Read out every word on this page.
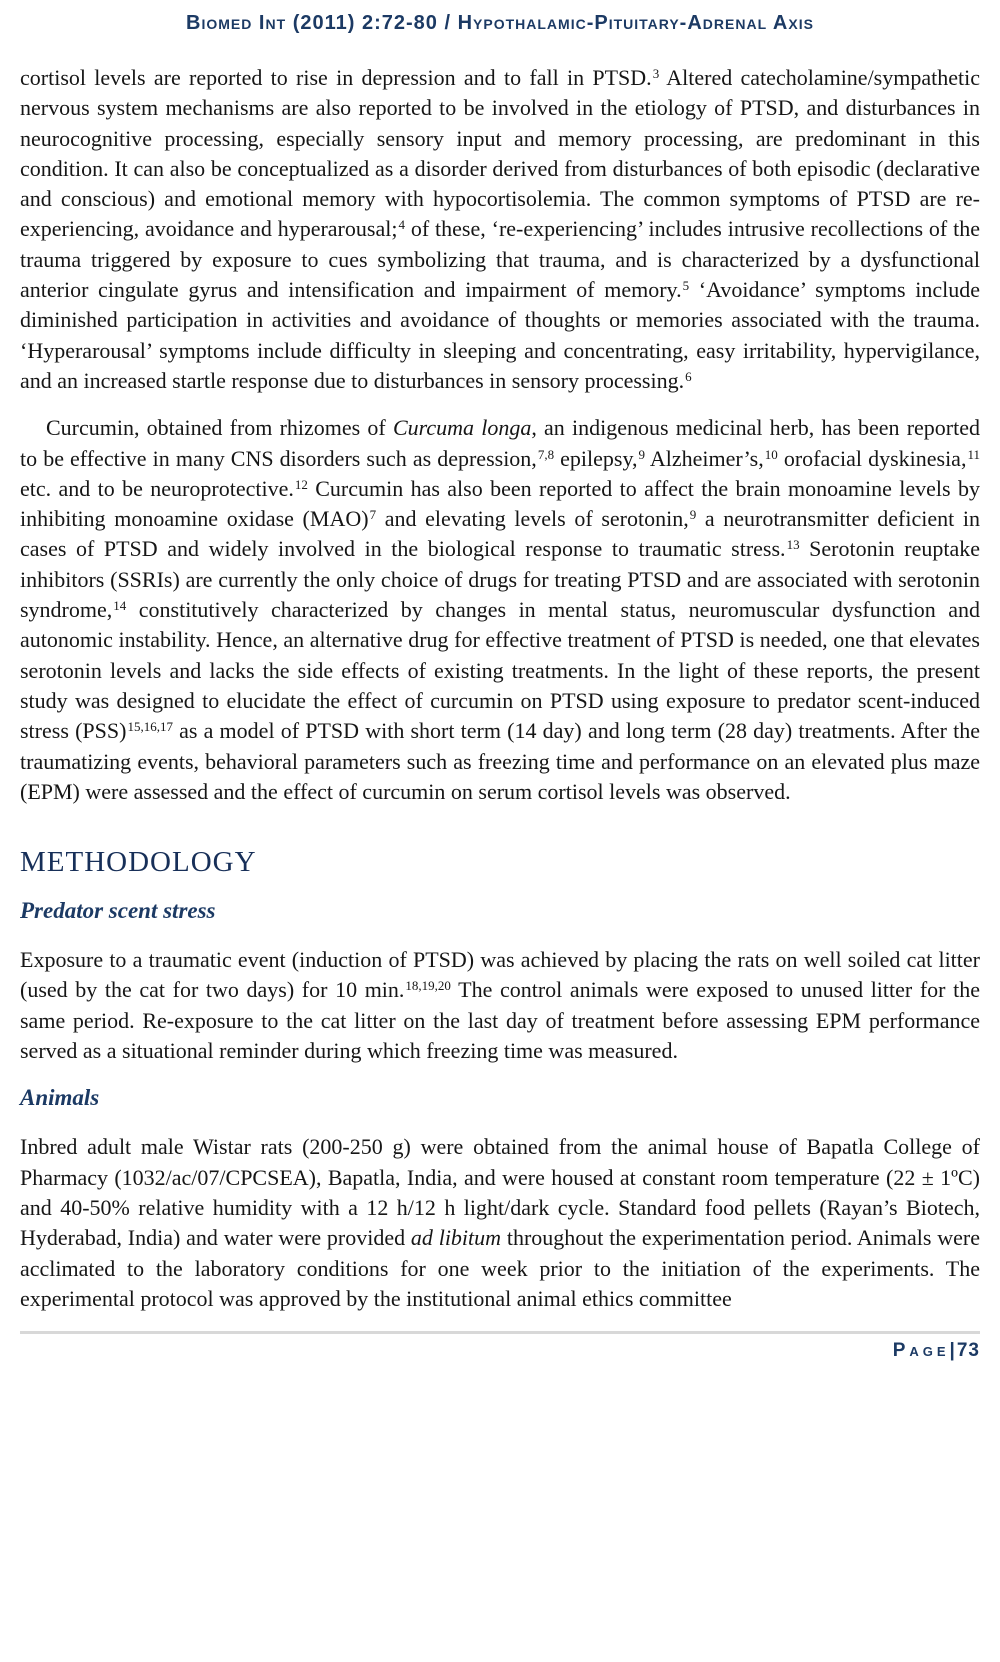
Biomed Int (2011) 2:72-80 / Hypothalamic-Pituitary-Adrenal Axis

cortisol levels are reported to rise in depression and to fall in PTSD.$^3$ Altered catecholamine/sympathetic nervous system mechanisms are also reported to be involved in the etiology of PTSD, and disturbances in neurocognitive processing, especially sensory input and memory processing, are predominant in this condition. It can also be conceptualized as a disorder derived from disturbances of both episodic (declarative and conscious) and emotional memory with hypocortisolemia. The common symptoms of PTSD are re-experiencing, avoidance and hyperarousal;$^4$ of these, ‘re-experiencing’ includes intrusive recollections of the trauma triggered by exposure to cues symbolizing that trauma, and is characterized by a dysfunctional anterior cingulate gyrus and intensification and impairment of memory.$^5$ ‘Avoidance’ symptoms include diminished participation in activities and avoidance of thoughts or memories associated with the trauma. ‘Hyperarousal’ symptoms include difficulty in sleeping and concentrating, easy irritability, hypervigilance, and an increased startle response due to disturbances in sensory processing.$^6$

Curcumin, obtained from rhizomes of Curcuma longa, an indigenous medicinal herb, has been reported to be effective in many CNS disorders such as depression,$^{7,8}$ epilepsy,$^9$ Alzheimer’s,$^{10}$ orofacial dyskinesia,$^{11}$ etc. and to be neuroprotective.$^{12}$ Curcumin has also been reported to affect the brain monoamine levels by inhibiting monoamine oxidase (MAO)$^7$ and elevating levels of serotonin,$^9$ a neurotransmitter deficient in cases of PTSD and widely involved in the biological response to traumatic stress.$^{13}$ Serotonin reuptake inhibitors (SSRIs) are currently the only choice of drugs for treating PTSD and are associated with serotonin syndrome,$^{14}$ constitutively characterized by changes in mental status, neuromuscular dysfunction and autonomic instability. Hence, an alternative drug for effective treatment of PTSD is needed, one that elevates serotonin levels and lacks the side effects of existing treatments. In the light of these reports, the present study was designed to elucidate the effect of curcumin on PTSD using exposure to predator scent-induced stress (PSS)$^{15,16,17}$ as a model of PTSD with short term (14 day) and long term (28 day) treatments. After the traumatizing events, behavioral parameters such as freezing time and performance on an elevated plus maze (EPM) were assessed and the effect of curcumin on serum cortisol levels was observed.

METHODOLOGY
Predator scent stress

Exposure to a traumatic event (induction of PTSD) was achieved by placing the rats on well soiled cat litter (used by the cat for two days) for 10 min.$^{18,19,20}$ The control animals were exposed to unused litter for the same period. Re-exposure to the cat litter on the last day of treatment before assessing EPM performance served as a situational reminder during which freezing time was measured.

Animals

Inbred adult male Wistar rats (200-250 g) were obtained from the animal house of Bapatla College of Pharmacy (1032/ac/07/CPCSEA), Bapatla, India, and were housed at constant room temperature (22 ± 1ºC) and 40-50% relative humidity with a 12 h/12 h light/dark cycle. Standard food pellets (Rayan’s Biotech, Hyderabad, India) and water were provided ad libitum throughout the experimentation period. Animals were acclimated to the laboratory conditions for one week prior to the initiation of the experiments. The experimental protocol was approved by the institutional animal ethics committee

Page| 73
